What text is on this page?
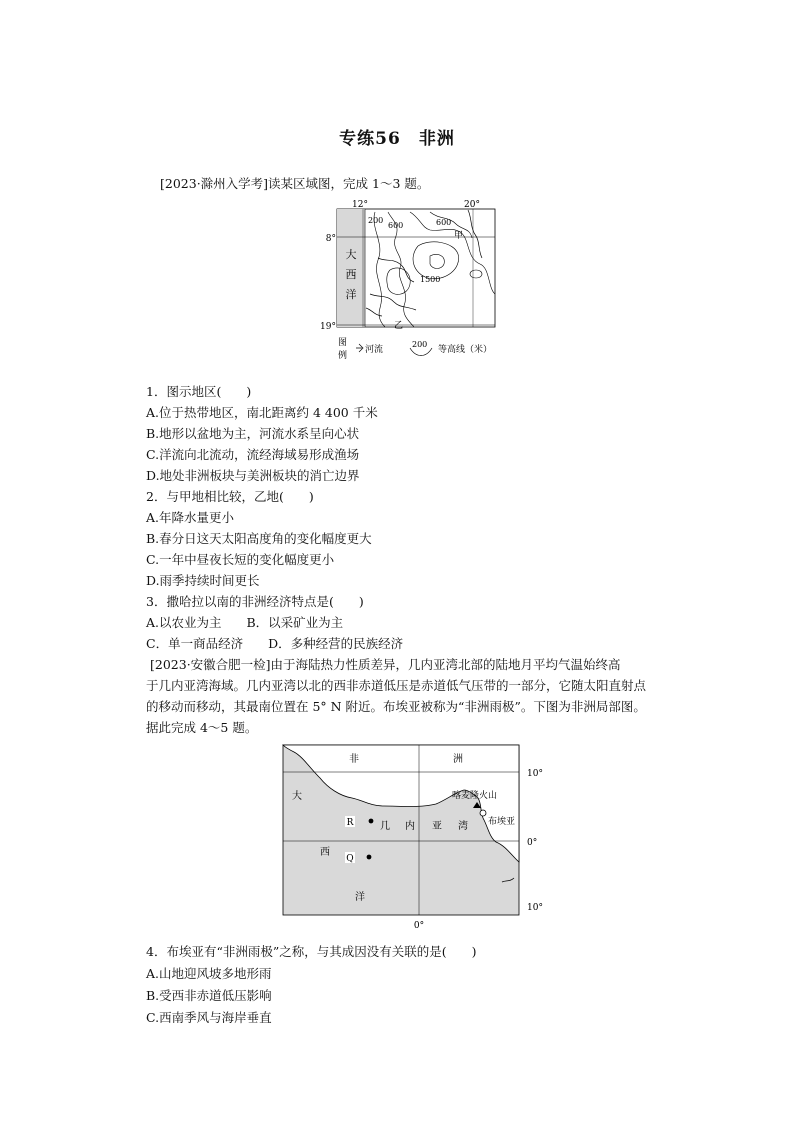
专练56　非洲
[2023·滁州入学考]读某区域图，完成 1～3 题。
12°	20°
8°
19°
大
西
洋
200
600	600
1500
甲
乙
图
例
河流
200
等高线（米）
1．图示地区(　　)
A.位于热带地区，南北距离约 4 400 千米
B.地形以盆地为主，河流水系呈向心状
C.洋流向北流动，流经海域易形成渔场
D.地处非洲板块与美洲板块的消亡边界
2．与甲地相比较，乙地(　　)
A.年降水量更小
B.春分日这天太阳高度角的变化幅度更大
C.一年中昼夜长短的变化幅度更小
D.雨季持续时间更长
3．撒哈拉以南的非洲经济特点是(　　)
A.以农业为主　　B．以采矿业为主
C．单一商品经济　　D．多种经营的民族经济
[2023·安徽合肥一检]由于海陆热力性质差异，几内亚湾北部的陆地月平均气温始终高
于几内亚湾海域。几内亚湾以北的西非赤道低压是赤道低气压带的一部分，它随太阳直射点
的移动而移动，其最南位置在 5° N 附近。布埃亚被称为“非洲雨极”。下图为非洲局部图。
据此完成 4～5 题。
非	洲
大
西
洋
几 内 亚 湾
10°
0°
10°
0°
喀麦隆火山
布埃亚
R
Q
4．布埃亚有“非洲雨极”之称，与其成因没有关联的是(　　)
A.山地迎风坡多地形雨
B.受西非赤道低压影响
C.西南季风与海岸垂直
